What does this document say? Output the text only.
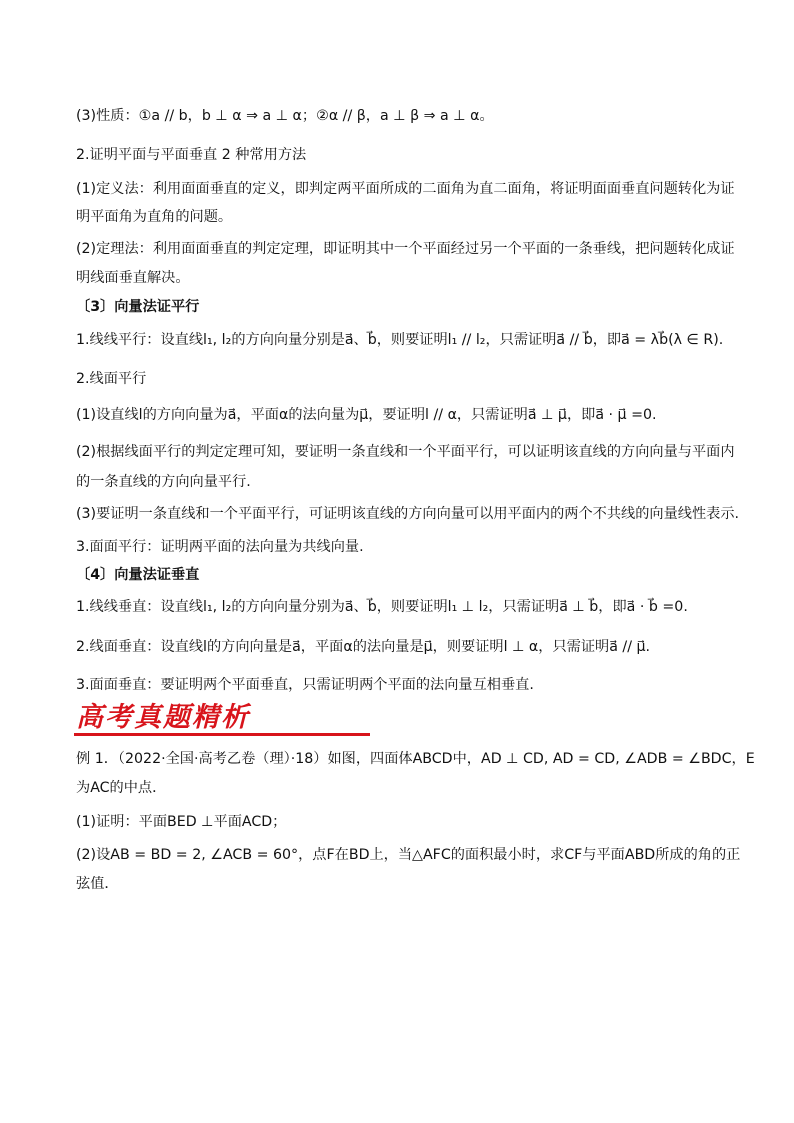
(3)性质：①a // b，b ⊥ α ⇒ a ⊥ α；②α // β，a ⊥ β ⇒ a ⊥ α。
2.证明平面与平面垂直 2 种常用方法
(1)定义法：利用面面垂直的定义，即判定两平面所成的二面角为直二面角，将证明面面垂直问题转化为证
明平面角为直角的问题。
(2)定理法：利用面面垂直的判定定理，即证明其中一个平面经过另一个平面的一条垂线，把问题转化成证
明线面垂直解决。
〔3〕向量法证平行
1.线线平行：设直线l₁, l₂的方向向量分别是a⃗、b⃗，则要证明l₁ // l₂，只需证明a⃗ // b⃗，即a⃗ = λb⃗(λ ∈ R).
2.线面平行
(1)设直线l的方向向量为a⃗，平面α的法向量为μ⃗，要证明l // α，只需证明a⃗ ⊥ μ⃗，即a⃗ · μ⃗ =0.
(2)根据线面平行的判定定理可知，要证明一条直线和一个平面平行，可以证明该直线的方向向量与平面内
的一条直线的方向向量平行.
(3)要证明一条直线和一个平面平行，可证明该直线的方向向量可以用平面内的两个不共线的向量线性表示.
3.面面平行：证明两平面的法向量为共线向量.
〔4〕向量法证垂直
1.线线垂直：设直线l₁, l₂的方向向量分别为a⃗、b⃗，则要证明l₁ ⊥ l₂，只需证明a⃗ ⊥ b⃗，即a⃗ · b⃗ =0.
2.线面垂直：设直线l的方向向量是a⃗，平面α的法向量是μ⃗，则要证明l ⊥ α，只需证明a⃗ // μ⃗.
3.面面垂直：要证明两个平面垂直，只需证明两个平面的法向量互相垂直.
高考真题精析
例 1．（2022·全国·高考乙卷（理）·18）如图，四面体ABCD中，AD ⊥ CD, AD = CD, ∠ADB = ∠BDC，E
为AC的中点．
(1)证明：平面BED ⊥平面ACD；
(2)设AB = BD = 2, ∠ACB = 60°，点F在BD上，当△AFC的面积最小时，求CF与平面ABD所成的角的正
弦值．
